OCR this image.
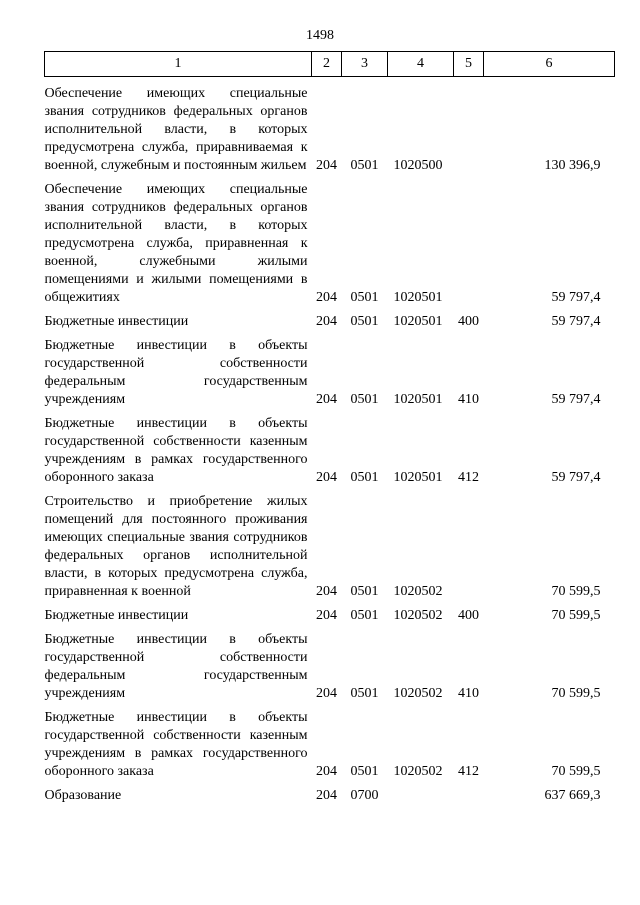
1498
1	2	3	4	5	6
Обеспечение имеющих специальные звания сотрудников федеральных органов исполнительной власти, в которых предусмотрена служба, приравниваемая к военной, служебным и постоянным жильем	204	0501	1020500		130 396,9
Обеспечение имеющих специальные звания сотрудников федеральных органов исполнительной власти, в которых предусмотрена служба, приравненная к военной, служебными жилыми помещениями и жилыми помещениями в общежитиях	204	0501	1020501		59 797,4
Бюджетные инвестиции	204	0501	1020501	400	59 797,4
Бюджетные инвестиции в объекты государственной собственности федеральным государственным учреждениям	204	0501	1020501	410	59 797,4
Бюджетные инвестиции в объекты государственной собственности казенным учреждениям в рамках государственного оборонного заказа	204	0501	1020501	412	59 797,4
Строительство и приобретение жилых помещений для постоянного проживания имеющих специальные звания сотрудников федеральных органов исполнительной власти, в которых предусмотрена служба, приравненная к военной	204	0501	1020502		70 599,5
Бюджетные инвестиции	204	0501	1020502	400	70 599,5
Бюджетные инвестиции в объекты государственной собственности федеральным государственным учреждениям	204	0501	1020502	410	70 599,5
Бюджетные инвестиции в объекты государственной собственности казенным учреждениям в рамках государственного оборонного заказа	204	0501	1020502	412	70 599,5
Образование	204	0700			637 669,3
